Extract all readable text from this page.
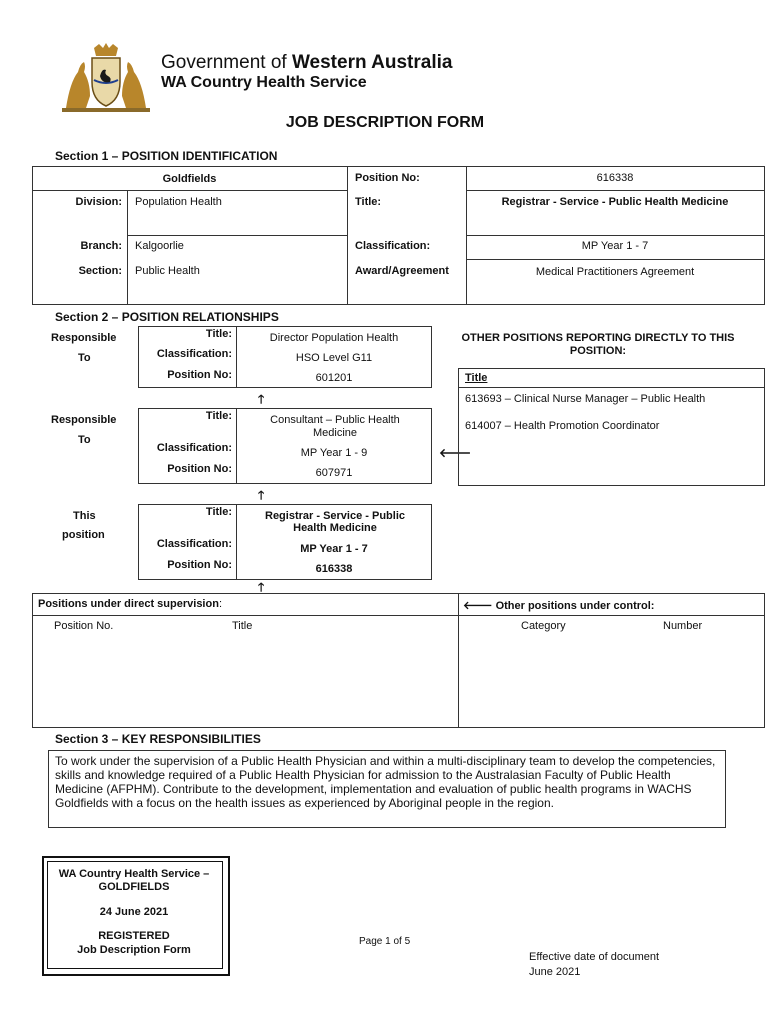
Government of Western Australia
WA Country Health Service
JOB DESCRIPTION FORM
Section 1 – POSITION IDENTIFICATION
Goldfields	Position No:	616338
Division: Population Health	Title:	Registrar - Service - Public Health Medicine
Branch: Kalgoorlie	Classification:	MP Year 1 - 7
Section: Public Health	Award/Agreement	Medical Practitioners Agreement
Section 2 – POSITION RELATIONSHIPS
Responsible
To
Responsible
To
This
position
Title:	Director Population Health
Classification:	HSO Level G11
Position No:	601201
🡑
Title:	Consultant – Public Health Medicine
Classification:	MP Year 1 - 9
Position No:	607971
🡐
🡑
Title:	Registrar - Service - Public Health Medicine
Classification:	MP Year 1 - 7
Position No:	616338
🡑
OTHER POSITIONS REPORTING DIRECTLY TO THIS POSITION:
Title
613693 – Clinical Nurse Manager – Public Health
614007 – Health Promotion Coordinator
Positions under direct supervision:	🡐 Other positions under control:
Position No.	Title	Category	Number
Section 3 – KEY RESPONSIBILITIES
To work under the supervision of a Public Health Physician and within a multi-disciplinary team to develop the competencies, skills and knowledge required of a Public Health Physician for admission to the Australasian Faculty of Public Health Medicine (AFPHM). Contribute to the development, implementation and evaluation of public health programs in WACHS Goldfields with a focus on the health issues as experienced by Aboriginal people in the region.
WA Country Health Service –
GOLDFIELDS
24 June 2021
REGISTERED
Job Description Form
Page 1 of 5
Effective date of document
June 2021
